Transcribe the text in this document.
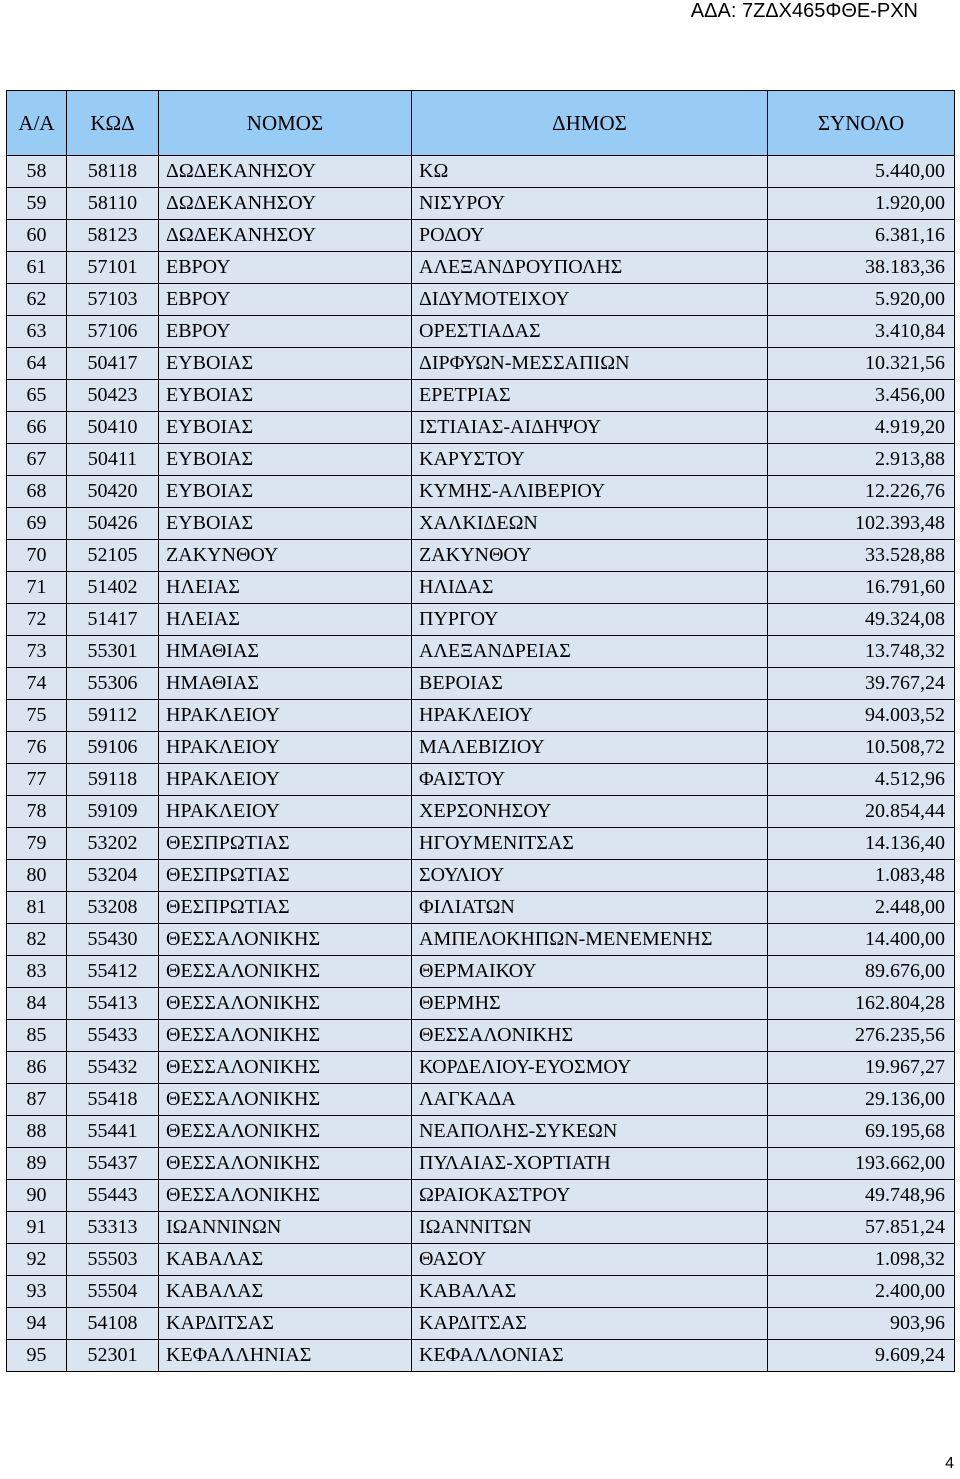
ΑΔΑ: 7ΖΔΧ465ΦΘΕ-ΡΧΝ
Α/Α	ΚΩΔ	ΝΟΜΟΣ	ΔΗΜΟΣ	ΣΥΝΟΛΟ
58	58118	ΔΩΔΕΚΑΝΗΣΟΥ	ΚΩ	5.440,00
59	58110	ΔΩΔΕΚΑΝΗΣΟΥ	ΝΙΣΥΡΟΥ	1.920,00
60	58123	ΔΩΔΕΚΑΝΗΣΟΥ	ΡΟΔΟΥ	6.381,16
61	57101	ΕΒΡΟΥ	ΑΛΕΞΑΝΔΡΟΥΠΟΛΗΣ	38.183,36
62	57103	ΕΒΡΟΥ	ΔΙΔΥΜΟΤΕΙΧΟΥ	5.920,00
63	57106	ΕΒΡΟΥ	ΟΡΕΣΤΙΑΔΑΣ	3.410,84
64	50417	ΕΥΒΟΙΑΣ	ΔΙΡΦΥΩΝ-ΜΕΣΣΑΠΙΩΝ	10.321,56
65	50423	ΕΥΒΟΙΑΣ	ΕΡΕΤΡΙΑΣ	3.456,00
66	50410	ΕΥΒΟΙΑΣ	ΙΣΤΙΑΙΑΣ-ΑΙΔΗΨΟΥ	4.919,20
67	50411	ΕΥΒΟΙΑΣ	ΚΑΡΥΣΤΟΥ	2.913,88
68	50420	ΕΥΒΟΙΑΣ	ΚΥΜΗΣ-ΑΛΙΒΕΡΙΟΥ	12.226,76
69	50426	ΕΥΒΟΙΑΣ	ΧΑΛΚΙΔΕΩΝ	102.393,48
70	52105	ΖΑΚΥΝΘΟΥ	ΖΑΚΥΝΘΟΥ	33.528,88
71	51402	ΗΛΕΙΑΣ	ΗΛΙΔΑΣ	16.791,60
72	51417	ΗΛΕΙΑΣ	ΠΥΡΓΟΥ	49.324,08
73	55301	ΗΜΑΘΙΑΣ	ΑΛΕΞΑΝΔΡΕΙΑΣ	13.748,32
74	55306	ΗΜΑΘΙΑΣ	ΒΕΡΟΙΑΣ	39.767,24
75	59112	ΗΡΑΚΛΕΙΟΥ	ΗΡΑΚΛΕΙΟΥ	94.003,52
76	59106	ΗΡΑΚΛΕΙΟΥ	ΜΑΛΕΒΙΖΙΟΥ	10.508,72
77	59118	ΗΡΑΚΛΕΙΟΥ	ΦΑΙΣΤΟΥ	4.512,96
78	59109	ΗΡΑΚΛΕΙΟΥ	ΧΕΡΣΟΝΗΣΟΥ	20.854,44
79	53202	ΘΕΣΠΡΩΤΙΑΣ	ΗΓΟΥΜΕΝΙΤΣΑΣ	14.136,40
80	53204	ΘΕΣΠΡΩΤΙΑΣ	ΣΟΥΛΙΟΥ	1.083,48
81	53208	ΘΕΣΠΡΩΤΙΑΣ	ΦΙΛΙΑΤΩΝ	2.448,00
82	55430	ΘΕΣΣΑΛΟΝΙΚΗΣ	ΑΜΠΕΛΟΚΗΠΩΝ-ΜΕΝΕΜΕΝΗΣ	14.400,00
83	55412	ΘΕΣΣΑΛΟΝΙΚΗΣ	ΘΕΡΜΑΙΚΟΥ	89.676,00
84	55413	ΘΕΣΣΑΛΟΝΙΚΗΣ	ΘΕΡΜΗΣ	162.804,28
85	55433	ΘΕΣΣΑΛΟΝΙΚΗΣ	ΘΕΣΣΑΛΟΝΙΚΗΣ	276.235,56
86	55432	ΘΕΣΣΑΛΟΝΙΚΗΣ	ΚΟΡΔΕΛΙΟΥ-ΕΥΟΣΜΟΥ	19.967,27
87	55418	ΘΕΣΣΑΛΟΝΙΚΗΣ	ΛΑΓΚΑΔΑ	29.136,00
88	55441	ΘΕΣΣΑΛΟΝΙΚΗΣ	ΝΕΑΠΟΛΗΣ-ΣΥΚΕΩΝ	69.195,68
89	55437	ΘΕΣΣΑΛΟΝΙΚΗΣ	ΠΥΛΑΙΑΣ-ΧΟΡΤΙΑΤΗ	193.662,00
90	55443	ΘΕΣΣΑΛΟΝΙΚΗΣ	ΩΡΑΙΟΚΑΣΤΡΟΥ	49.748,96
91	53313	ΙΩΑΝΝΙΝΩΝ	ΙΩΑΝΝΙΤΩΝ	57.851,24
92	55503	ΚΑΒΑΛΑΣ	ΘΑΣΟΥ	1.098,32
93	55504	ΚΑΒΑΛΑΣ	ΚΑΒΑΛΑΣ	2.400,00
94	54108	ΚΑΡΔΙΤΣΑΣ	ΚΑΡΔΙΤΣΑΣ	903,96
95	52301	ΚΕΦΑΛΛΗΝΙΑΣ	ΚΕΦΑΛΛΟΝΙΑΣ	9.609,24
4
